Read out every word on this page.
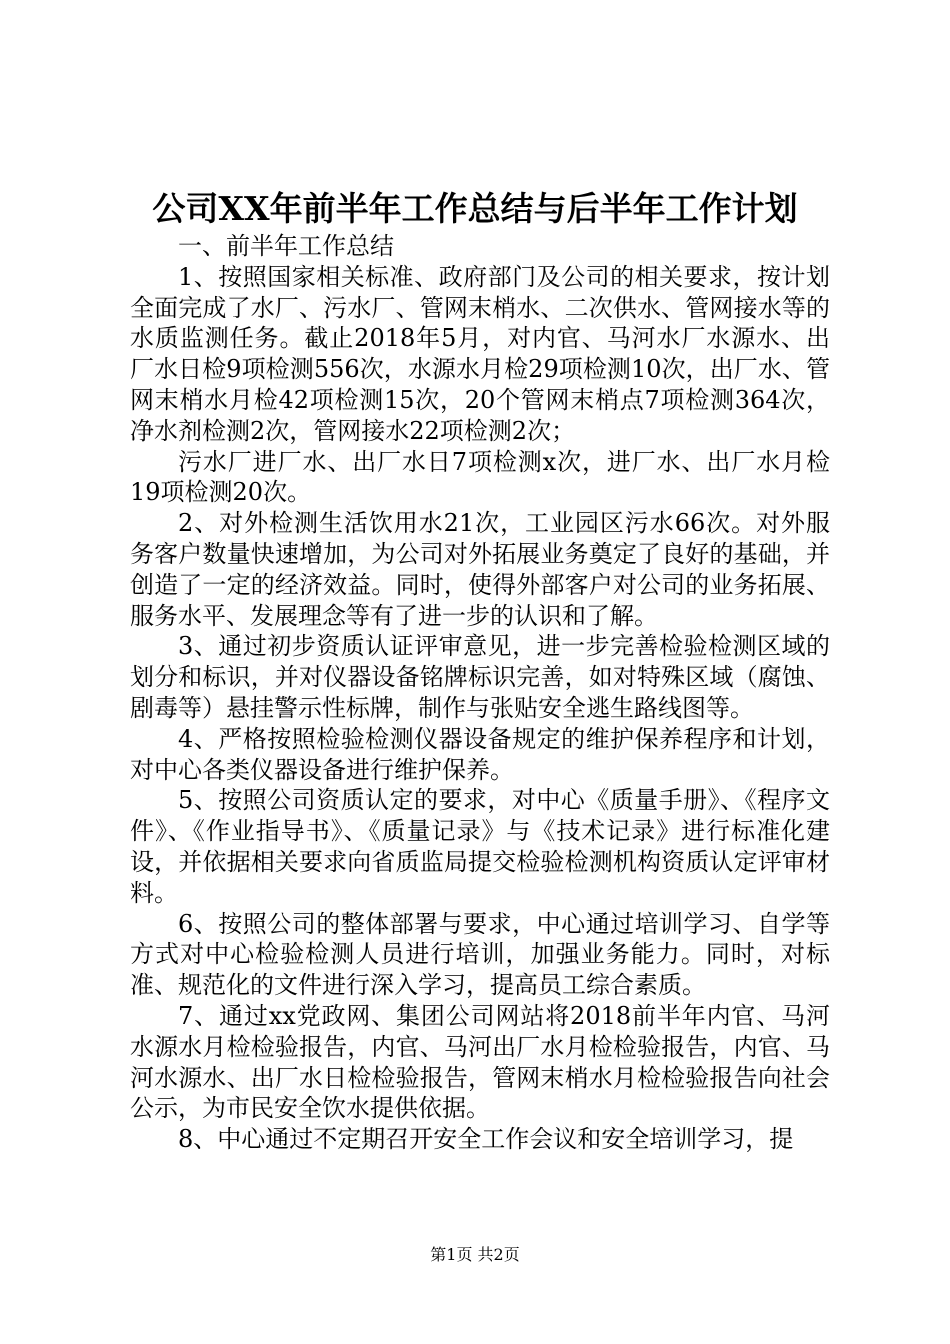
公司XX年前半年工作总结与后半年工作计划

一、前半年工作总结

1、按照国家相关标准、政府部门及公司的相关要求，按计划全面完成了水厂、污水厂、管网末梢水、二次供水、管网接水等的水质监测任务。截止2018年5月，对内官、马河水厂水源水、出厂水日检9项检测556次，水源水月检29项检测10次，出厂水、管网末梢水月检42项检测15次，20个管网末梢点7项检测364次，净水剂检测2次，管网接水22项检测2次；

污水厂进厂水、出厂水日7项检测x次，进厂水、出厂水月检19项检测20次。

2、对外检测生活饮用水21次，工业园区污水66次。对外服务客户数量快速增加，为公司对外拓展业务奠定了良好的基础，并创造了一定的经济效益。同时，使得外部客户对公司的业务拓展、服务水平、发展理念等有了进一步的认识和了解。

3、通过初步资质认证评审意见，进一步完善检验检测区域的划分和标识，并对仪器设备铭牌标识完善，如对特殊区域（腐蚀、剧毒等）悬挂警示性标牌，制作与张贴安全逃生路线图等。

4、严格按照检验检测仪器设备规定的维护保养程序和计划，对中心各类仪器设备进行维护保养。

5、按照公司资质认定的要求，对中心《质量手册》、《程序文件》、《作业指导书》、《质量记录》与《技术记录》进行标准化建设，并依据相关要求向省质监局提交检验检测机构资质认定评审材料。

6、按照公司的整体部署与要求，中心通过培训学习、自学等方式对中心检验检测人员进行培训，加强业务能力。同时，对标准、规范化的文件进行深入学习，提高员工综合素质。

7、通过xx党政网、集团公司网站将2018前半年内官、马河水源水月检检验报告，内官、马河出厂水月检检验报告，内官、马河水源水、出厂水日检检验报告，管网末梢水月检检验报告向社会公示，为市民安全饮水提供依据。

8、中心通过不定期召开安全工作会议和安全培训学习，提

第1页 共2页
